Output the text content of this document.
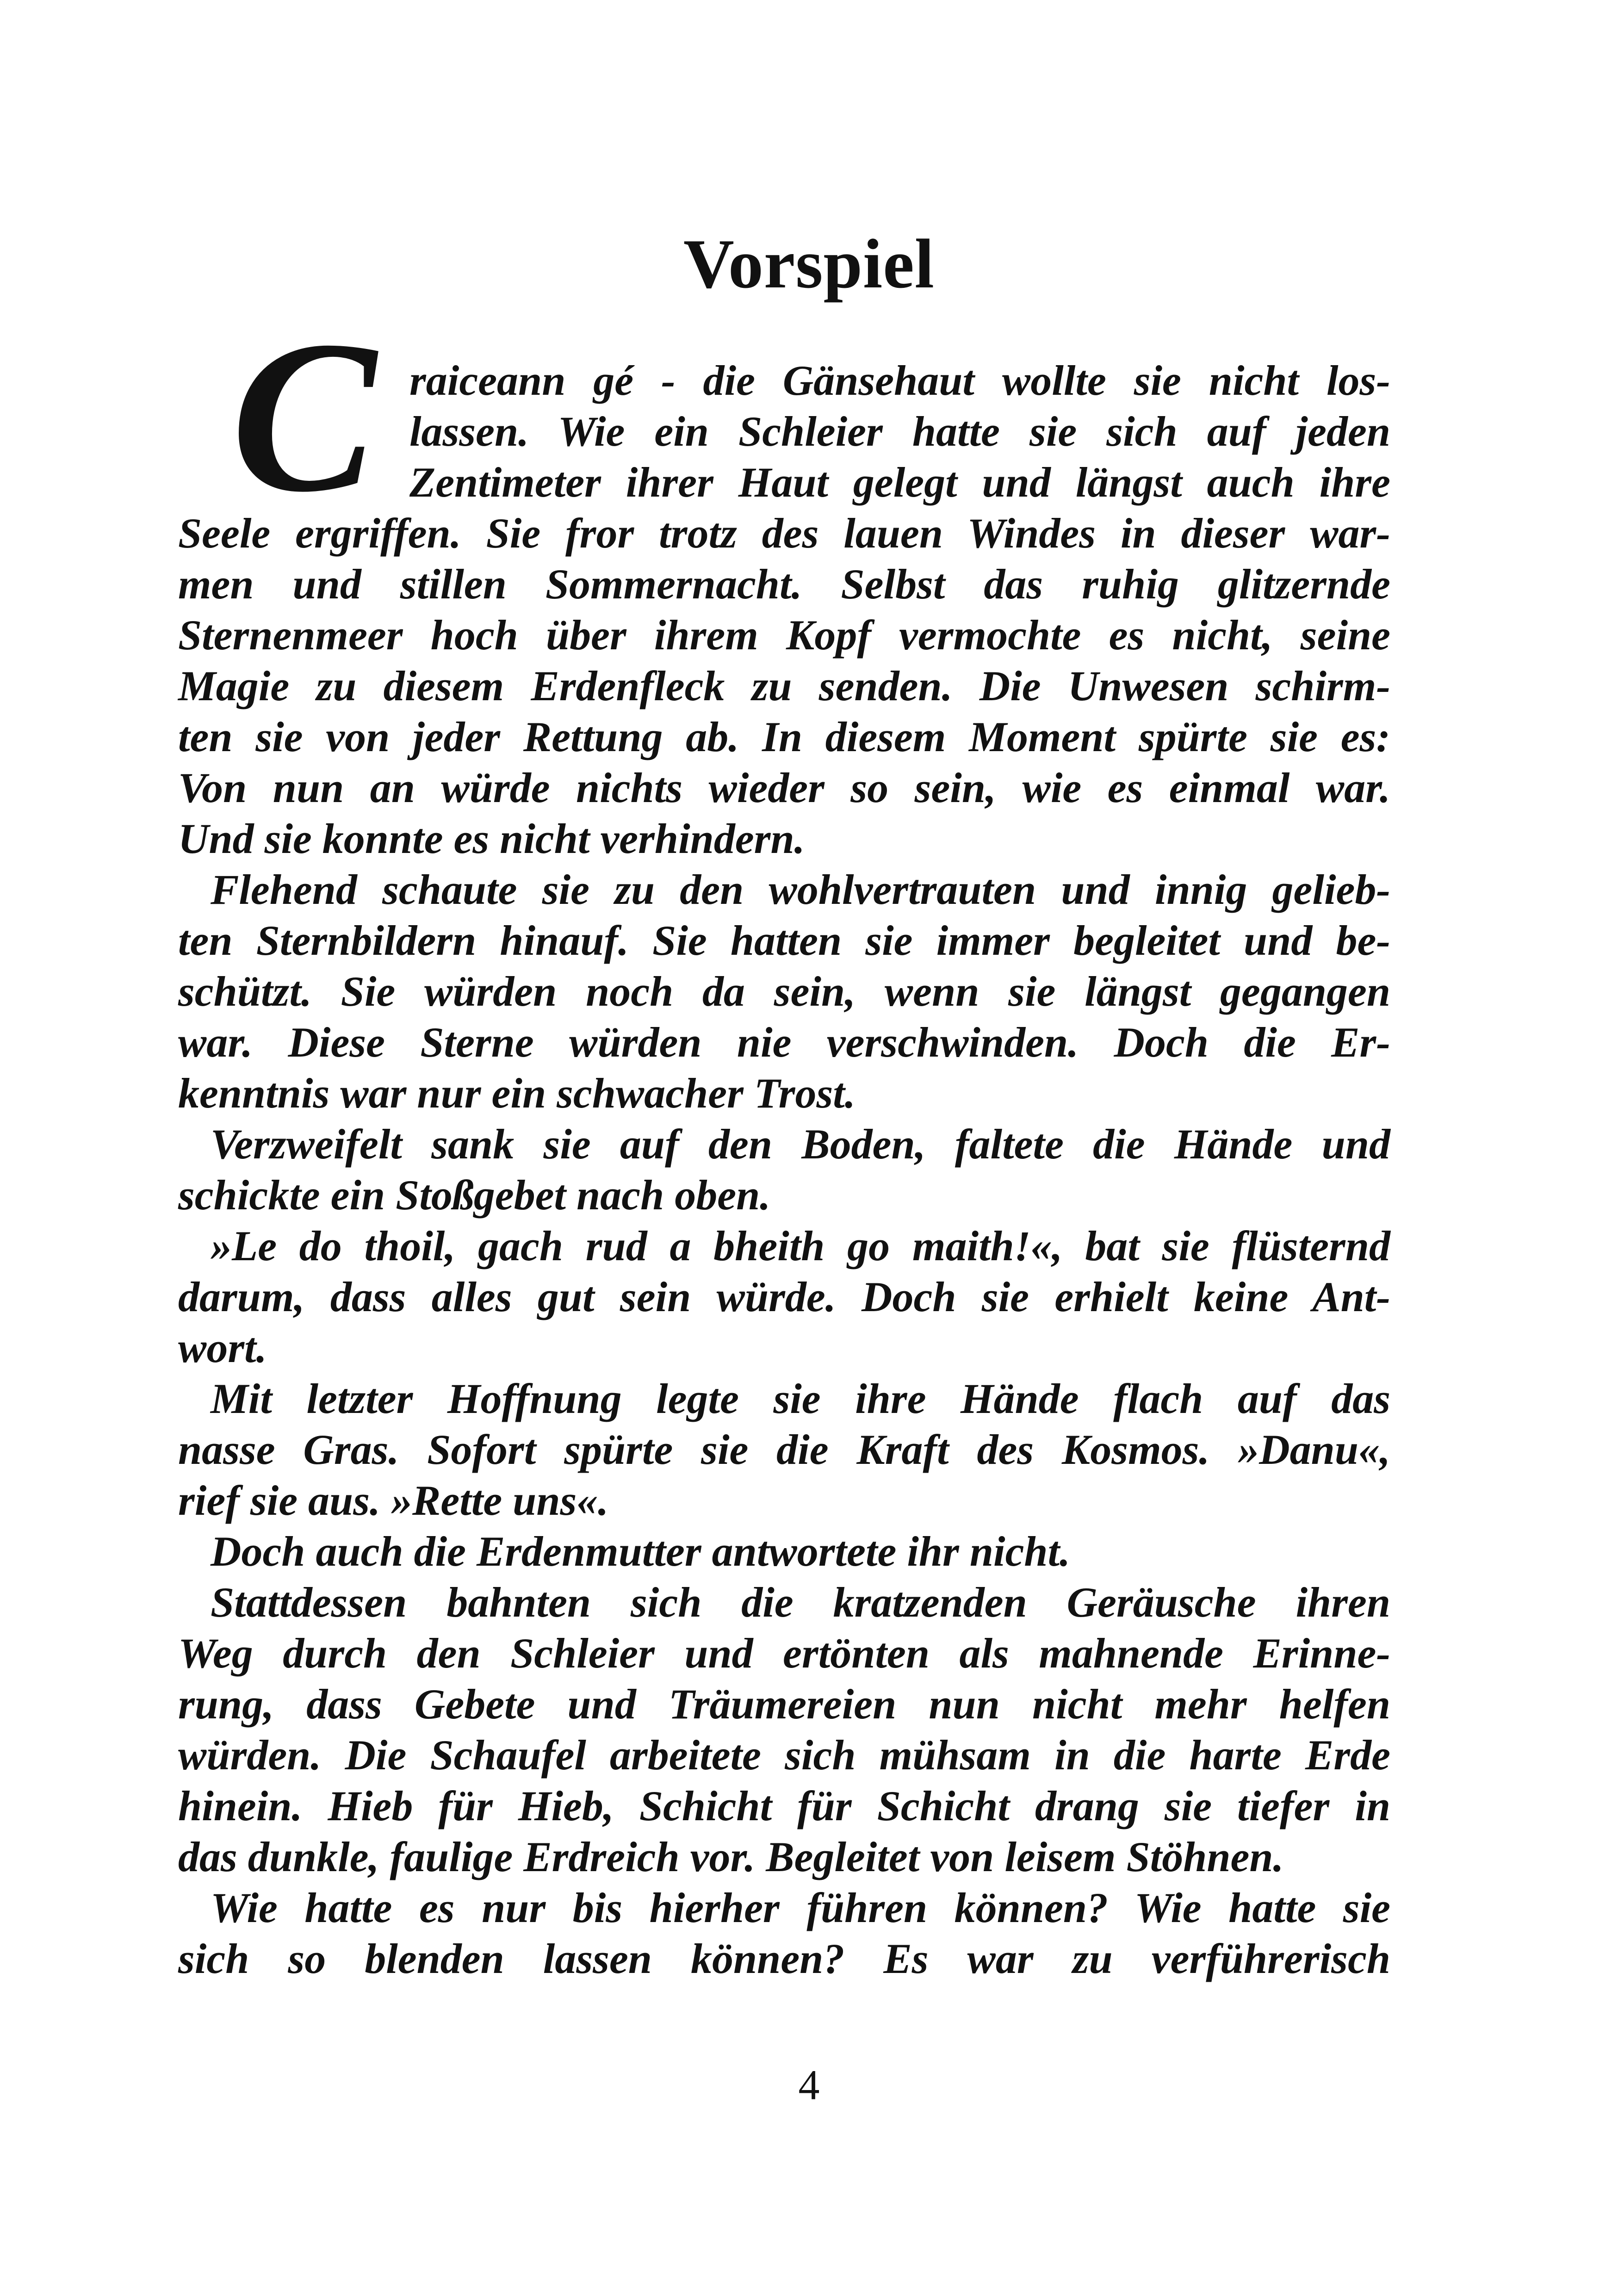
Vorspiel
C raiceann gé - die Gänsehaut wollte sie nicht los-
lassen. Wie ein Schleier hatte sie sich auf jeden
Zentimeter ihrer Haut gelegt und längst auch ihre
Seele ergriffen. Sie fror trotz des lauen Windes in dieser war-
men und stillen Sommernacht. Selbst das ruhig glitzernde
Sternenmeer hoch über ihrem Kopf vermochte es nicht, seine
Magie zu diesem Erdenfleck zu senden. Die Unwesen schirm-
ten sie von jeder Rettung ab. In diesem Moment spürte sie es:
Von nun an würde nichts wieder so sein, wie es einmal war.
Und sie konnte es nicht verhindern.
Flehend schaute sie zu den wohlvertrauten und innig gelieb-
ten Sternbildern hinauf. Sie hatten sie immer begleitet und be-
schützt. Sie würden noch da sein, wenn sie längst gegangen
war. Diese Sterne würden nie verschwinden. Doch die Er-
kenntnis war nur ein schwacher Trost.
Verzweifelt sank sie auf den Boden, faltete die Hände und
schickte ein Stoßgebet nach oben.
»Le do thoil, gach rud a bheith go maith!«, bat sie flüsternd
darum, dass alles gut sein würde. Doch sie erhielt keine Ant-
wort.
Mit letzter Hoffnung legte sie ihre Hände flach auf das
nasse Gras. Sofort spürte sie die Kraft des Kosmos. »Danu«,
rief sie aus. »Rette uns«.
Doch auch die Erdenmutter antwortete ihr nicht.
Stattdessen bahnten sich die kratzenden Geräusche ihren
Weg durch den Schleier und ertönten als mahnende Erinne-
rung, dass Gebete und Träumereien nun nicht mehr helfen
würden. Die Schaufel arbeitete sich mühsam in die harte Erde
hinein. Hieb für Hieb, Schicht für Schicht drang sie tiefer in
das dunkle, faulige Erdreich vor. Begleitet von leisem Stöhnen.
Wie hatte es nur bis hierher führen können? Wie hatte sie
sich so blenden lassen können? Es war zu verführerisch
4
